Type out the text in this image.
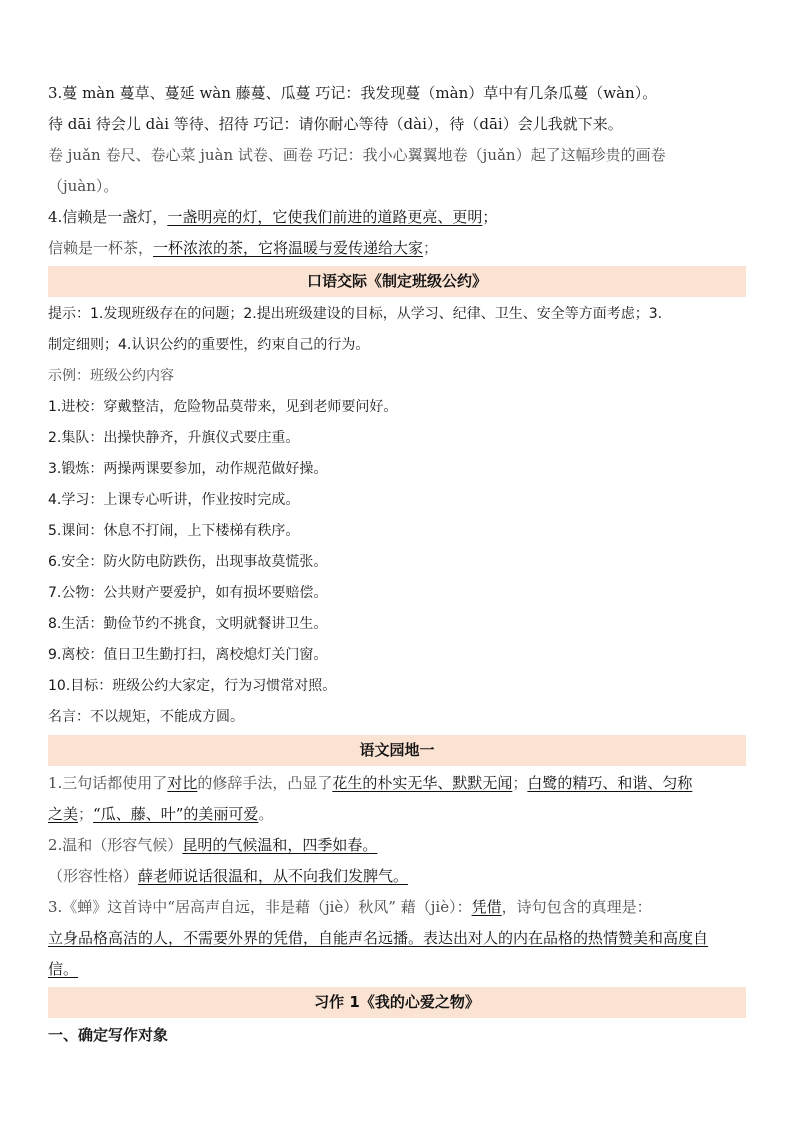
3.蔓 màn 蔓草、蔓延 wàn 藤蔓、瓜蔓 巧记：我发现蔓（màn）草中有几条瓜蔓（wàn）。
待 dāi 待会儿 dài 等待、招待 巧记：请你耐心等待（dài），待（dāi）会儿我就下来。
卷 juǎn 卷尺、卷心菜 juàn 试卷、画卷 巧记：我小心翼翼地卷（juǎn）起了这幅珍贵的画卷
（juàn）。
4.信赖是一盏灯，一盏明亮的灯，它使我们前进的道路更亮、更明；
信赖是一杯茶，一杯浓浓的茶，它将温暖与爱传递给大家；
口语交际《制定班级公约》
提示：1.发现班级存在的问题；2.提出班级建设的目标，从学习、纪律、卫生、安全等方面考虑；3.
制定细则；4.认识公约的重要性，约束自己的行为。
示例：班级公约内容
1.进校：穿戴整洁，危险物品莫带来，见到老师要问好。
2.集队：出操快静齐，升旗仪式要庄重。
3.锻炼：两操两课要参加，动作规范做好操。
4.学习：上课专心听讲，作业按时完成。
5.课间：休息不打闹，上下楼梯有秩序。
6.安全：防火防电防跌伤，出现事故莫慌张。
7.公物：公共财产要爱护，如有损坏要赔偿。
8.生活：勤俭节约不挑食，文明就餐讲卫生。
9.离校：值日卫生勤打扫，离校熄灯关门窗。
10.目标：班级公约大家定，行为习惯常对照。
名言：不以规矩，不能成方圆。
语文园地一
1.三句话都使用了对比的修辞手法，凸显了花生的朴实无华、默默无闻；白鹭的精巧、和谐、匀称
之美；“瓜、藤、叶”的美丽可爱。
2.温和（形容气候）昆明的气候温和，四季如春。
（形容性格）薛老师说话很温和，从不向我们发脾气。
3.《蝉》这首诗中“居高声自远，非是藉（jiè）秋风” 藉（jiè）：凭借，诗句包含的真理是：
立身品格高洁的人，不需要外界的凭借，自能声名远播。表达出对人的内在品格的热情赞美和高度自
信。
习作 1《我的心爱之物》
一、确定写作对象
